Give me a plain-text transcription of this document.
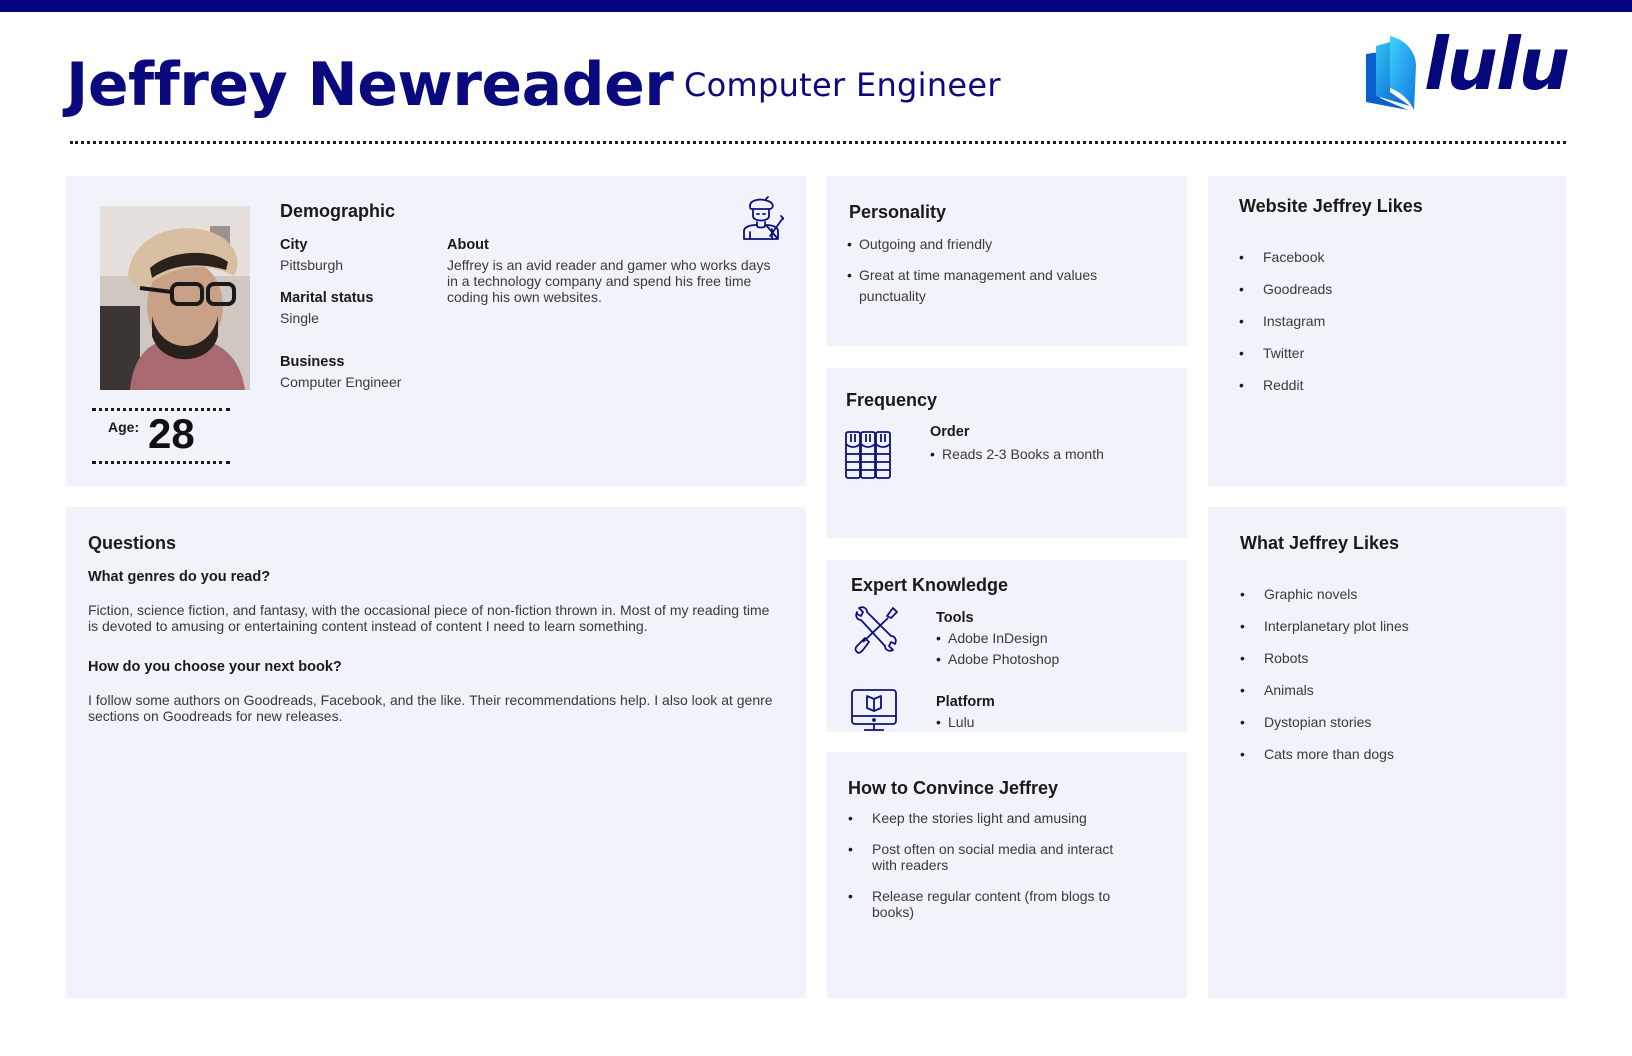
Jeffrey Newreader Computer Engineer	lulu
Age: 28
Demographic
City
Pittsburgh
Marital status
Single
Business
Computer Engineer
About
Jeffrey is an avid reader and gamer who works days in a technology company and spend his free time coding his own websites.
Personality
• Outgoing and friendly
• Great at time management and values punctuality
Frequency
Order
• Reads 2-3 Books a month
Expert Knowledge
Tools
• Adobe InDesign
• Adobe Photoshop
Platform
• Lulu
How to Convince Jeffrey
• Keep the stories light and amusing
• Post often on social media and interact with readers
• Release regular content (from blogs to books)
Website Jeffrey Likes
• Facebook
• Goodreads
• Instagram
• Twitter
• Reddit
Questions
What genres do you read?
Fiction, science fiction, and fantasy, with the occasional piece of non-fiction thrown in. Most of my reading time is devoted to amusing or entertaining content instead of content I need to learn something.
How do you choose your next book?
I follow some authors on Goodreads, Facebook, and the like. Their recommendations help. I also look at genre sections on Goodreads for new releases.
What Jeffrey Likes
• Graphic novels
• Interplanetary plot lines
• Robots
• Animals
• Dystopian stories
• Cats more than dogs
